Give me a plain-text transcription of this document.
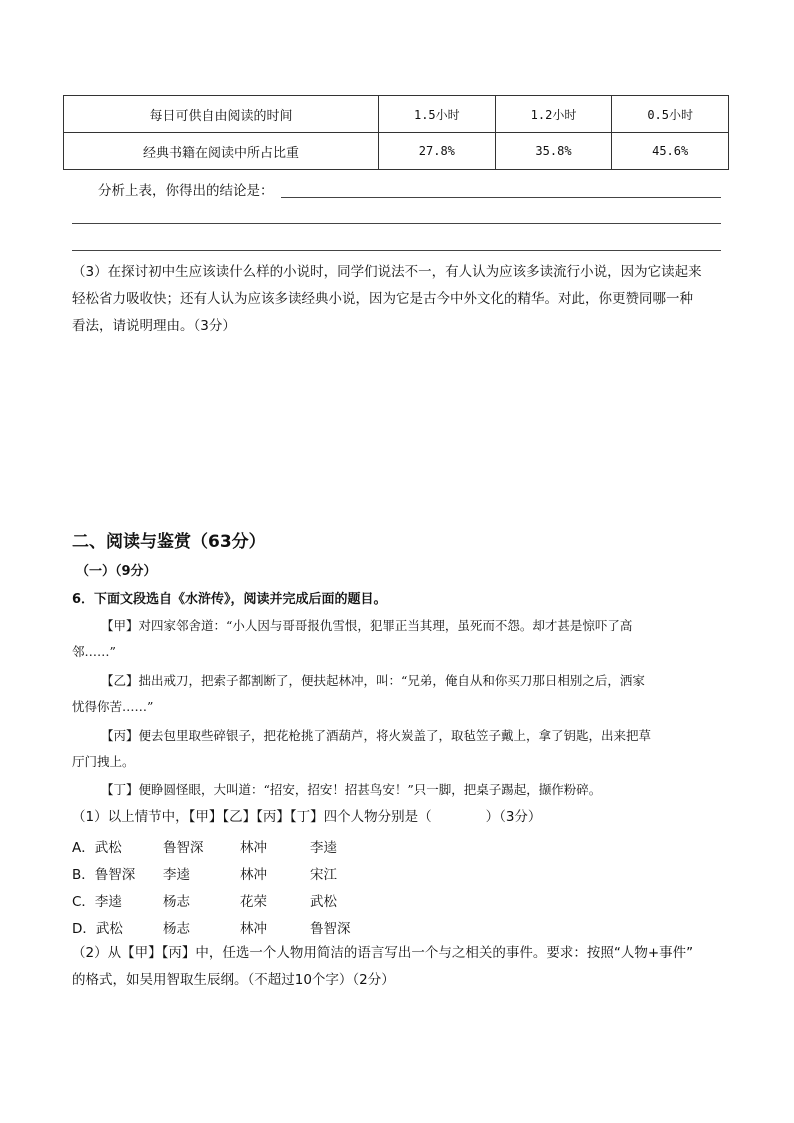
每日可供自由阅读的时间	1.5小时	1.2小时	0.5小时
经典书籍在阅读中所占比重	27.8%	35.8%	45.6%
分析上表，你得出的结论是：
（3）在探讨初中生应该读什么样的小说时，同学们说法不一，有人认为应该多读流行小说，因为它读起来
轻松省力吸收快；还有人认为应该多读经典小说，因为它是古今中外文化的精华。对此，你更赞同哪一种
看法，请说明理由。（3分）
二、阅读与鉴赏（63分）
（一）（9分）
6．下面文段选自《水浒传》，阅读并完成后面的题目。
【甲】对四家邻舍道：“小人因与哥哥报仇雪恨，犯罪正当其理，虽死而不怨。却才甚是惊吓了高
邻……”
【乙】拙出戒刀，把索子都割断了，便扶起林冲，叫：“兄弟，俺自从和你买刀那日相别之后，洒家
忧得你苦……”
【丙】便去包里取些碎银子，把花枪挑了酒葫芦，将火炭盖了，取毡笠子戴上，拿了钥匙，出来把草
厅门拽上。
【丁】便睁圆怪眼，大叫道：“招安，招安！招甚鸟安！”只一脚，把桌子踢起，撷作粉碎。
（1）以上情节中，【甲】【乙】【丙】【丁】四个人物分别是（　　　　）（3分）
A．武松	鲁智深	林冲	李逵
B．鲁智深 李逵	林冲	宋江
C．李逵	杨志	花荣	武松
D．武松	杨志	林冲	鲁智深
（2）从【甲】【丙】中，任选一个人物用简洁的语言写出一个与之相关的事件。要求：按照“人物+事件”
的格式，如吴用智取生辰纲。（不超过10个字）（2分）
